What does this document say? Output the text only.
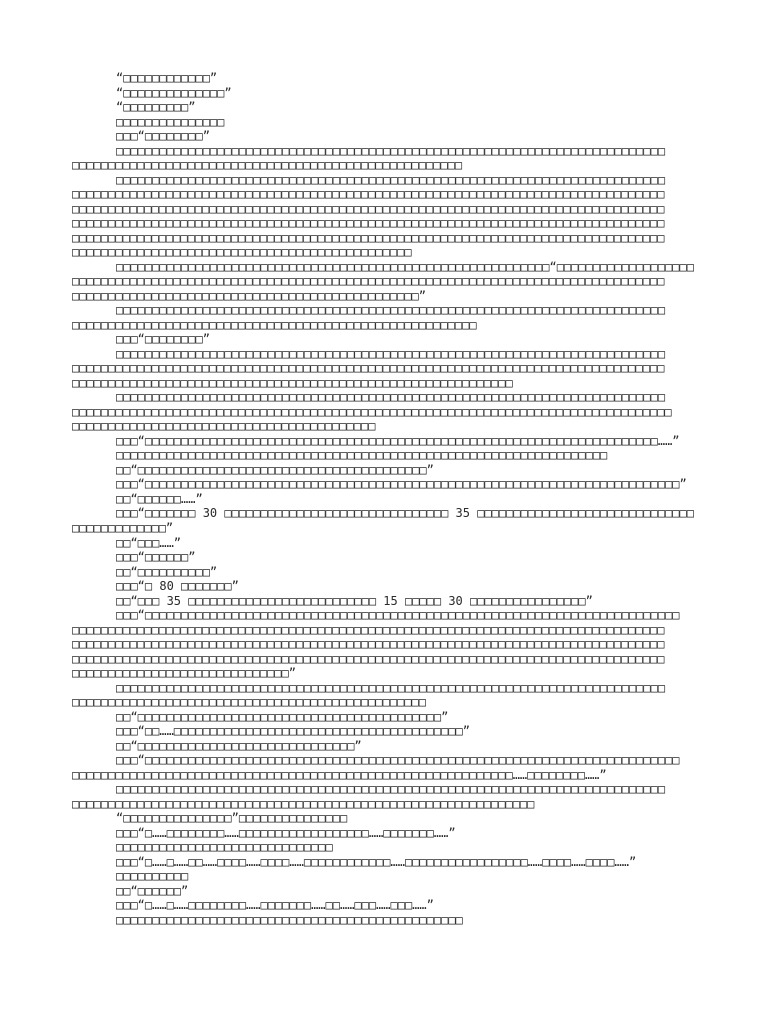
“□□□□□□□□□□□□”
“□□□□□□□□□□□□□□”
“□□□□□□□□□”
□□□□□□□□□□□□□□□
□□□“□□□□□□□□”
□□□□□□□□□□□□□□□□□□□□□□□□□□□□□□□□□□□□□□□□□□□□□□□□□□□□□□□□□□□□□□□□□□□□□□□□□□□□
□□□□□□□□□□□□□□□□□□□□□□□□□□□□□□□□□□□□□□□□□□□□□□□□□□□□□□
□□□□□□□□□□□□□□□□□□□□□□□□□□□□□□□□□□□□□□□□□□□□□□□□□□□□□□□□□□□□□□□□□□□□□□□□□□□□
□□□□□□□□□□□□□□□□□□□□□□□□□□□□□□□□□□□□□□□□□□□□□□□□□□□□□□□□□□□□□□□□□□□□□□□□□□□□□□□□□□
□□□□□□□□□□□□□□□□□□□□□□□□□□□□□□□□□□□□□□□□□□□□□□□□□□□□□□□□□□□□□□□□□□□□□□□□□□□□□□□□□□
□□□□□□□□□□□□□□□□□□□□□□□□□□□□□□□□□□□□□□□□□□□□□□□□□□□□□□□□□□□□□□□□□□□□□□□□□□□□□□□□□□
□□□□□□□□□□□□□□□□□□□□□□□□□□□□□□□□□□□□□□□□□□□□□□□□□□□□□□□□□□□□□□□□□□□□□□□□□□□□□□□□□□
□□□□□□□□□□□□□□□□□□□□□□□□□□□□□□□□□□□□□□□□□□□□□□□
□□□□□□□□□□□□□□□□□□□□□□□□□□□□□□□□□□□□□□□□□□□□□□□□□□□□□□□□□□□□“□□□□□□□□□□□□□□□□□□□
□□□□□□□□□□□□□□□□□□□□□□□□□□□□□□□□□□□□□□□□□□□□□□□□□□□□□□□□□□□□□□□□□□□□□□□□□□□□□□□□□□
□□□□□□□□□□□□□□□□□□□□□□□□□□□□□□□□□□□□□□□□□□□□□□□□”
□□□□□□□□□□□□□□□□□□□□□□□□□□□□□□□□□□□□□□□□□□□□□□□□□□□□□□□□□□□□□□□□□□□□□□□□□□□□
□□□□□□□□□□□□□□□□□□□□□□□□□□□□□□□□□□□□□□□□□□□□□□□□□□□□□□□□
□□□“□□□□□□□□”
□□□□□□□□□□□□□□□□□□□□□□□□□□□□□□□□□□□□□□□□□□□□□□□□□□□□□□□□□□□□□□□□□□□□□□□□□□□□
□□□□□□□□□□□□□□□□□□□□□□□□□□□□□□□□□□□□□□□□□□□□□□□□□□□□□□□□□□□□□□□□□□□□□□□□□□□□□□□□□□
□□□□□□□□□□□□□□□□□□□□□□□□□□□□□□□□□□□□□□□□□□□□□□□□□□□□□□□□□□□□□
□□□□□□□□□□□□□□□□□□□□□□□□□□□□□□□□□□□□□□□□□□□□□□□□□□□□□□□□□□□□□□□□□□□□□□□□□□□□
□□□□□□□□□□□□□□□□□□□□□□□□□□□□□□□□□□□□□□□□□□□□□□□□□□□□□□□□□□□□□□□□□□□□□□□□□□□□□□□□□□□
□□□□□□□□□□□□□□□□□□□□□□□□□□□□□□□□□□□□□□□□□□
□□□“□□□□□□□□□□□□□□□□□□□□□□□□□□□□□□□□□□□□□□□□□□□□□□□□□□□□□□□□□□□□□□□□□□□□□□□……”
□□□□□□□□□□□□□□□□□□□□□□□□□□□□□□□□□□□□□□□□□□□□□□□□□□□□□□□□□□□□□□□□□□□□
□□“□□□□□□□□□□□□□□□□□□□□□□□□□□□□□□□□□□□□□□□□”
□□□“□□□□□□□□□□□□□□□□□□□□□□□□□□□□□□□□□□□□□□□□□□□□□□□□□□□□□□□□□□□□□□□□□□□□□□□□□□”
□□“□□□□□□……”
□□□“□□□□□□□ 30 □□□□□□□□□□□□□□□□□□□□□□□□□□□□□□□ 35 □□□□□□□□□□□□□□□□□□□□□□□□□□□□□□
□□□□□□□□□□□□□”
□□“□□□……”
□□□“□□□□□□”
□□“□□□□□□□□□□”
□□□“□ 80 □□□□□□□”
□□“□□□ 35 □□□□□□□□□□□□□□□□□□□□□□□□□□ 15 □□□□□ 30 □□□□□□□□□□□□□□□□”
□□□“□□□□□□□□□□□□□□□□□□□□□□□□□□□□□□□□□□□□□□□□□□□□□□□□□□□□□□□□□□□□□□□□□□□□□□□□□□
□□□□□□□□□□□□□□□□□□□□□□□□□□□□□□□□□□□□□□□□□□□□□□□□□□□□□□□□□□□□□□□□□□□□□□□□□□□□□□□□□□
□□□□□□□□□□□□□□□□□□□□□□□□□□□□□□□□□□□□□□□□□□□□□□□□□□□□□□□□□□□□□□□□□□□□□□□□□□□□□□□□□□
□□□□□□□□□□□□□□□□□□□□□□□□□□□□□□□□□□□□□□□□□□□□□□□□□□□□□□□□□□□□□□□□□□□□□□□□□□□□□□□□□□
□□□□□□□□□□□□□□□□□□□□□□□□□□□□□□”
□□□□□□□□□□□□□□□□□□□□□□□□□□□□□□□□□□□□□□□□□□□□□□□□□□□□□□□□□□□□□□□□□□□□□□□□□□□□
□□□□□□□□□□□□□□□□□□□□□□□□□□□□□□□□□□□□□□□□□□□□□□□□□
□□“□□□□□□□□□□□□□□□□□□□□□□□□□□□□□□□□□□□□□□□□□□”
□□□“□□……□□□□□□□□□□□□□□□□□□□□□□□□□□□□□□□□□□□□□□□□”
□□“□□□□□□□□□□□□□□□□□□□□□□□□□□□□□□”
□□□“□□□□□□□□□□□□□□□□□□□□□□□□□□□□□□□□□□□□□□□□□□□□□□□□□□□□□□□□□□□□□□□□□□□□□□□□□□
□□□□□□□□□□□□□□□□□□□□□□□□□□□□□□□□□□□□□□□□□□□□□□□□□□□□□□□□□□□□□……□□□□□□□□……”
□□□□□□□□□□□□□□□□□□□□□□□□□□□□□□□□□□□□□□□□□□□□□□□□□□□□□□□□□□□□□□□□□□□□□□□□□□□□
□□□□□□□□□□□□□□□□□□□□□□□□□□□□□□□□□□□□□□□□□□□□□□□□□□□□□□□□□□□□□□□□
“□□□□□□□□□□□□□□□”□□□□□□□□□□□□□□□
□□□“□……□□□□□□□□……□□□□□□□□□□□□□□□□□□……□□□□□□□……”
□□□□□□□□□□□□□□□□□□□□□□□□□□□□□□
□□□“□……□……□□……□□□□……□□□□……□□□□□□□□□□□□……□□□□□□□□□□□□□□□□□……□□□□……□□□□……”
□□□□□□□□□□
□□“□□□□□□”
□□□“□……□……□□□□□□□□……□□□□□□□……□□……□□□……□□□……”
□□□□□□□□□□□□□□□□□□□□□□□□□□□□□□□□□□□□□□□□□□□□□□□□
